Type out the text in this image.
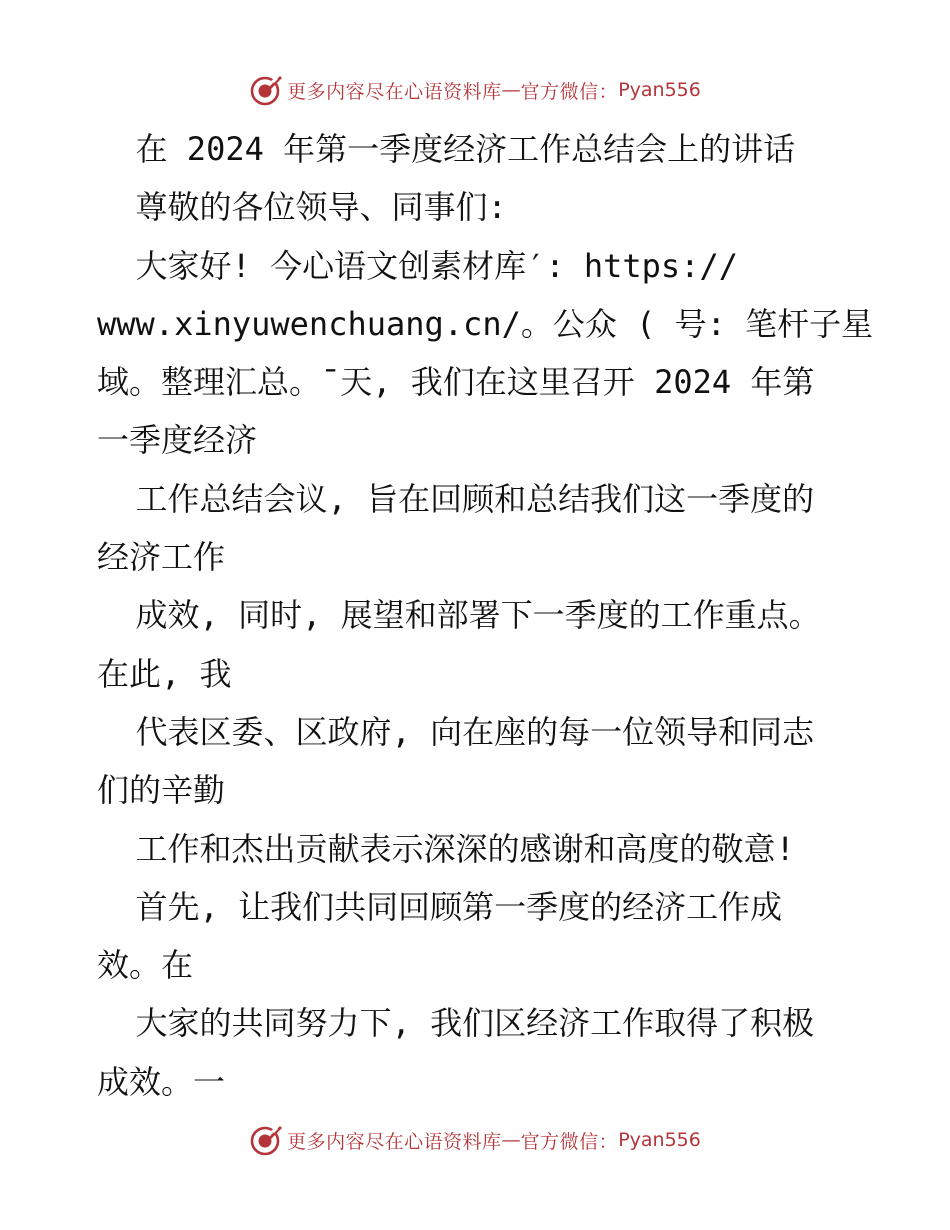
更多内容尽在心语资料库 — 官方微信： Pyan556
在 2024 年第一季度经济工作总结会上的讲话
尊敬的各位领导、同事们:
大家好! 今心语文创素材库′: https://
www.xinyuwenchuang.cn/。公众 ( 号: 笔杆子星
域。整理汇总。¯天, 我们在这里召开 2024 年第
一季度经济
工作总结会议, 旨在回顾和总结我们这一季度的
经济工作
成效, 同时, 展望和部署下一季度的工作重点。
在此, 我
代表区委、区政府, 向在座的每一位领导和同志
们的辛勤
工作和杰出贡献表示深深的感谢和高度的敬意!
首先, 让我们共同回顾第一季度的经济工作成
效。在
大家的共同努力下, 我们区经济工作取得了积极
成效。一
更多内容尽在心语资料库 — 官方微信： Pyan556
